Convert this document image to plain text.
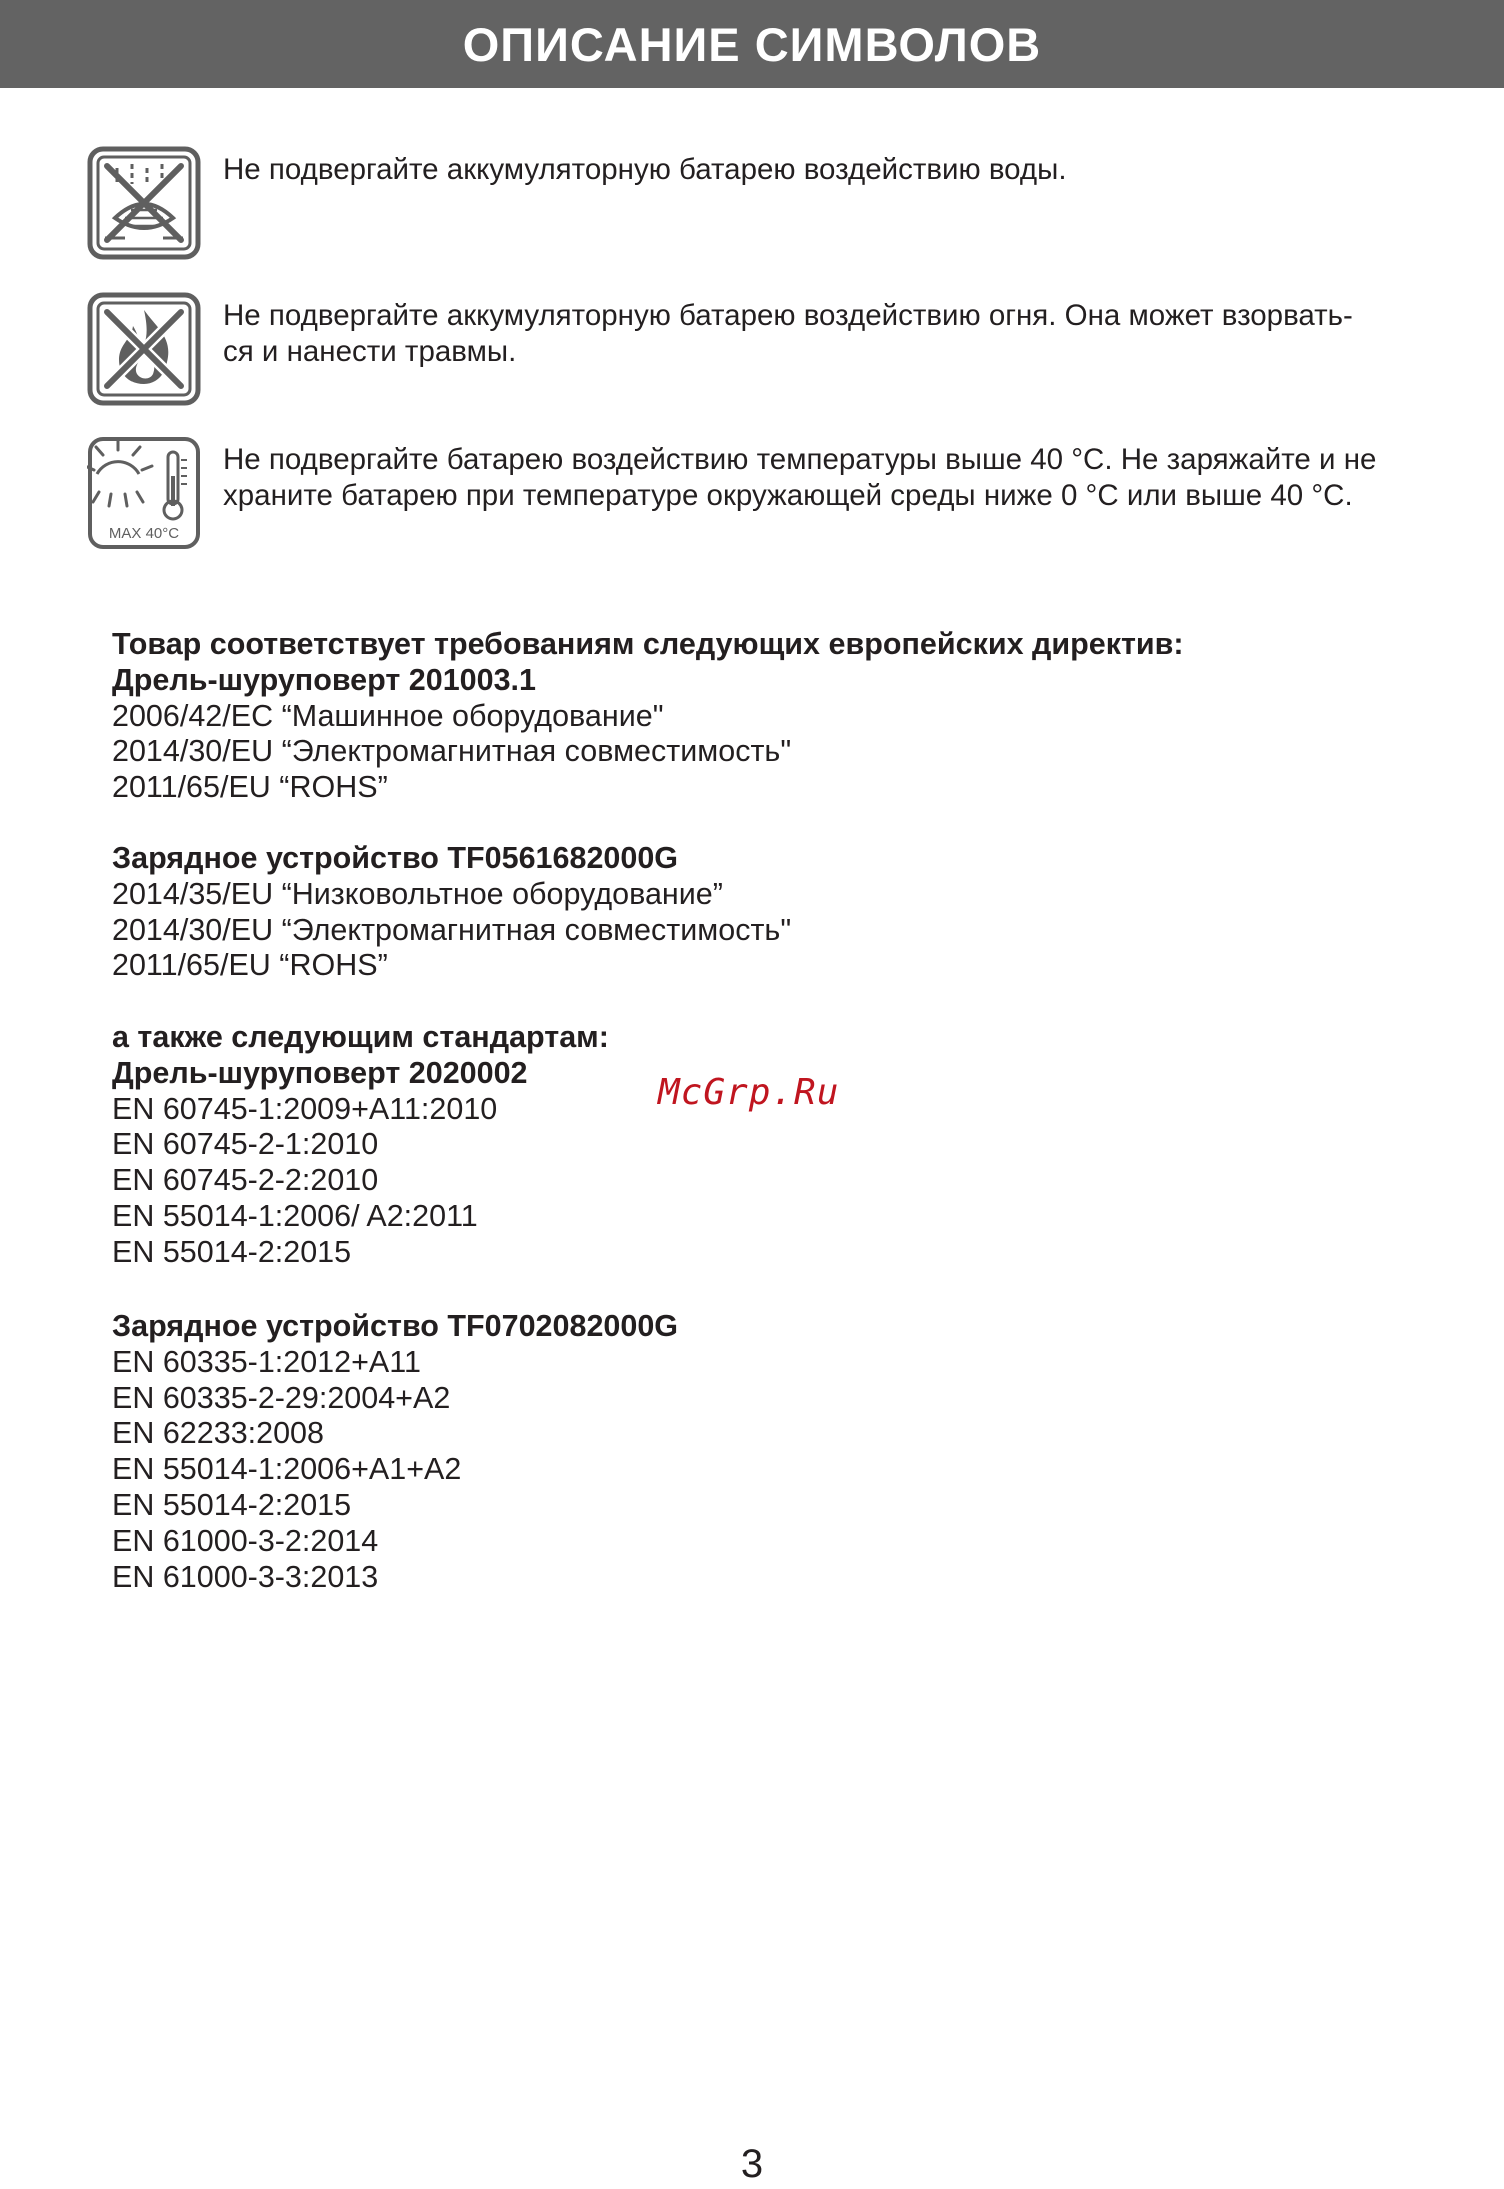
ОПИСАНИЕ СИМВОЛОВ

Не подвергайте аккумуляторную батарею воздействию воды.

Не подвергайте аккумуляторную батарею воздействию огня. Она может взорвать-
ся и нанести травмы.

MAX 40°C

Не подвергайте батарею воздействию температуры выше 40 °С. Не заряжайте и не
храните батарею при температуре окружающей среды ниже 0 °С или выше 40 °С.

Товар соответствует требованиям следующих европейских директив:

Дрель-шуруповерт 201003.1

2006/42/ЕС “Машинное оборудование"

2014/30/EU “Электромагнитная совместимость"

2011/65/EU “ROHS”

Зарядное устройство TF0561682000G

2014/35/EU “Низковольтное оборудование”

2014/30/EU “Электромагнитная совместимость"

2011/65/EU “ROHS”

а также следующим стандартам:

Дрель-шуруповерт 2020002

EN 60745-1:2009+A11:2010

EN 60745-2-1:2010

EN 60745-2-2:2010

EN 55014-1:2006/ A2:2011

EN 55014-2:2015

Зарядное устройство TF0702082000G

EN 60335-1:2012+A11

EN 60335-2-29:2004+A2

EN 62233:2008

EN 55014-1:2006+A1+A2

EN 55014-2:2015

EN 61000-3-2:2014

EN 61000-3-3:2013

McGrp.Ru
3
